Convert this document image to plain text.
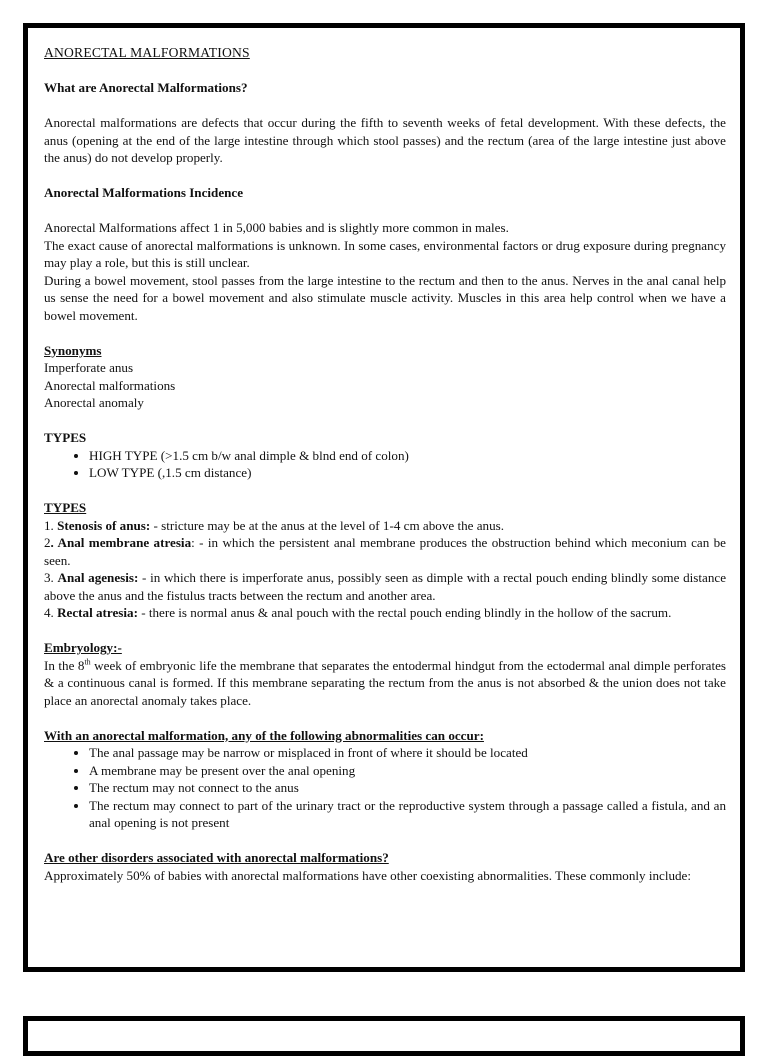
ANORECTAL MALFORMATIONS

What are Anorectal Malformations?

Anorectal malformations are defects that occur during the fifth to seventh weeks of fetal development. With these defects, the anus (opening at the end of the large intestine through which stool passes) and the rectum (area of the large intestine just above the anus) do not develop properly.

Anorectal Malformations Incidence

Anorectal Malformations affect 1 in 5,000 babies and is slightly more common in males.

The exact cause of anorectal malformations is unknown. In some cases, environmental factors or drug exposure during pregnancy may play a role, but this is still unclear.

During a bowel movement, stool passes from the large intestine to the rectum and then to the anus. Nerves in the anal canal help us sense the need for a bowel movement and also stimulate muscle activity. Muscles in this area help control when we have a bowel movement.

Synonyms

Imperforate anus

Anorectal malformations

Anorectal anomaly

TYPES

• HIGH TYPE (>1.5 cm b/w anal dimple & blnd end of colon)
• LOW TYPE (,1.5 cm distance)

TYPES

1. Stenosis of anus: - stricture may be at the anus at the level of 1-4 cm above the anus.

2. Anal membrane atresia: - in which the persistent anal membrane produces the obstruction behind which meconium can be seen.

3. Anal agenesis: - in which there is imperforate anus, possibly seen as dimple with a rectal pouch ending blindly some distance above the anus and the fistulus tracts between the rectum and another area.

4. Rectal atresia: - there is normal anus & anal pouch with the rectal pouch ending blindly in the hollow of the sacrum.

Embryology:-

In the 8th week of embryonic life the membrane that separates the entodermal hindgut from the ectodermal anal dimple perforates & a continuous canal is formed. If this membrane separating the rectum from the anus is not absorbed & the union does not take place an anorectal anomaly takes place.

With an anorectal malformation, any of the following abnormalities can occur:

• The anal passage may be narrow or misplaced in front of where it should be located
• A membrane may be present over the anal opening
• The rectum may not connect to the anus
• The rectum may connect to part of the urinary tract or the reproductive system through a passage called a fistula, and an anal opening is not present

Are other disorders associated with anorectal malformations?

Approximately 50% of babies with anorectal malformations have other coexisting abnormalities. These commonly include:
